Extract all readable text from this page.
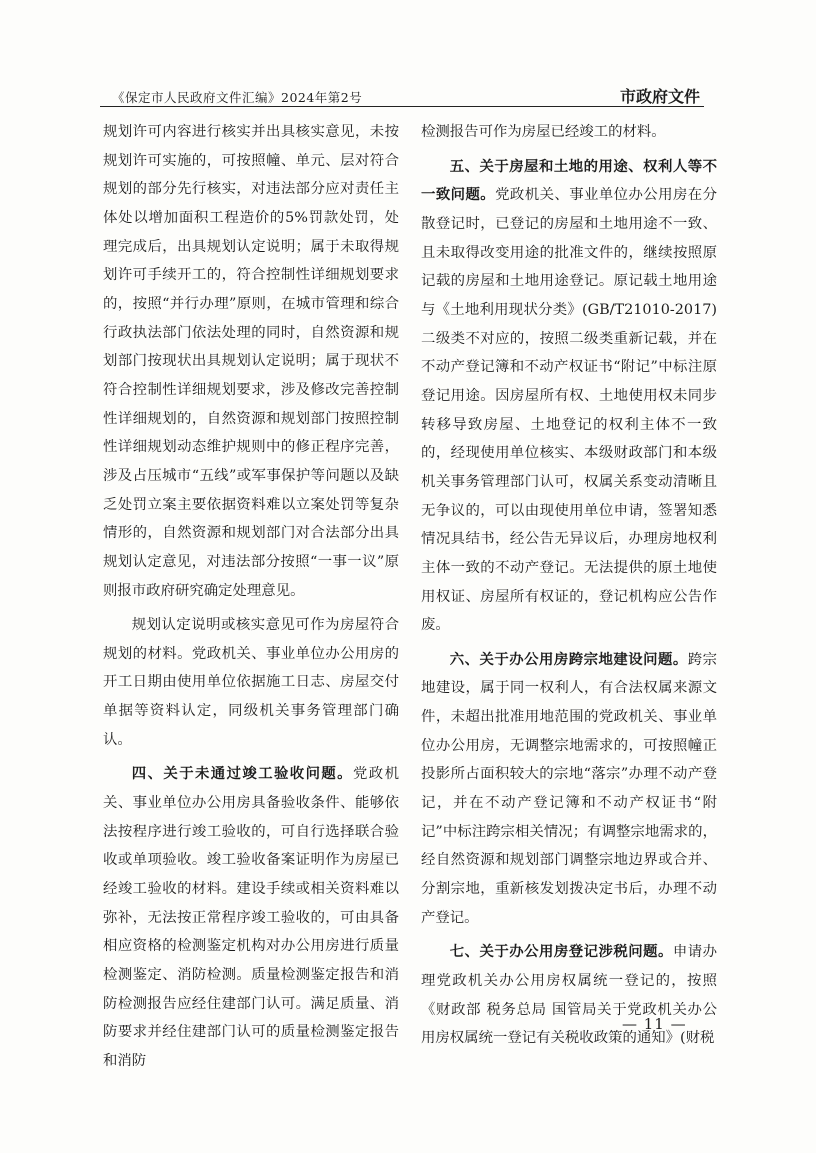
《保定市人民政府文件汇编》2024年第2号	市政府文件

规划许可内容进行核实并出具核实意见，未按规划许可实施的，可按照幢、单元、层对符合规划的部分先行核实，对违法部分应对责任主体处以增加面积工程造价的5%罚款处罚，处理完成后，出具规划认定说明；属于未取得规划许可手续开工的，符合控制性详细规划要求的，按照“并行办理”原则，在城市管理和综合行政执法部门依法处理的同时，自然资源和规划部门按现状出具规划认定说明；属于现状不符合控制性详细规划要求，涉及修改完善控制性详细规划的，自然资源和规划部门按照控制性详细规划动态维护规则中的修正程序完善，涉及占压城市“五线”或军事保护等问题以及缺乏处罚立案主要依据资料难以立案处罚等复杂情形的，自然资源和规划部门对合法部分出具规划认定意见，对违法部分按照“一事一议”原则报市政府研究确定处理意见。

规划认定说明或核实意见可作为房屋符合规划的材料。党政机关、事业单位办公用房的开工日期由使用单位依据施工日志、房屋交付单据等资料认定，同级机关事务管理部门确认。

四、关于未通过竣工验收问题。党政机关、事业单位办公用房具备验收条件、能够依法按程序进行竣工验收的，可自行选择联合验收或单项验收。竣工验收备案证明作为房屋已经竣工验收的材料。建设手续或相关资料难以弥补，无法按正常程序竣工验收的，可由具备相应资格的检测鉴定机构对办公用房进行质量检测鉴定、消防检测。质量检测鉴定报告和消防检测报告应经住建部门认可。满足质量、消防要求并经住建部门认可的质量检测鉴定报告和消防

检测报告可作为房屋已经竣工的材料。

五、关于房屋和土地的用途、权利人等不一致问题。党政机关、事业单位办公用房在分散登记时，已登记的房屋和土地用途不一致、且未取得改变用途的批准文件的，继续按照原记载的房屋和土地用途登记。原记载土地用途与《土地利用现状分类》(GB/T21010-2017)二级类不对应的，按照二级类重新记载，并在不动产登记簿和不动产权证书“附记”中标注原登记用途。因房屋所有权、土地使用权未同步转移导致房屋、土地登记的权利主体不一致的，经现使用单位核实、本级财政部门和本级机关事务管理部门认可，权属关系变动清晰且无争议的，可以由现使用单位申请，签署知悉情况具结书，经公告无异议后，办理房地权利主体一致的不动产登记。无法提供的原土地使用权证、房屋所有权证的，登记机构应公告作废。

六、关于办公用房跨宗地建设问题。跨宗地建设，属于同一权利人，有合法权属来源文件，未超出批准用地范围的党政机关、事业单位办公用房，无调整宗地需求的，可按照幢正投影所占面积较大的宗地“落宗”办理不动产登记，并在不动产登记簿和不动产权证书“附记”中标注跨宗相关情况；有调整宗地需求的，经自然资源和规划部门调整宗地边界或合并、分割宗地，重新核发划拨决定书后，办理不动产登记。

七、关于办公用房登记涉税问题。申请办理党政机关办公用房权属统一登记的，按照《财政部 税务总局 国管局关于党政机关办公用房权属统一登记有关税收政策的通知》(财税

— 11 —
